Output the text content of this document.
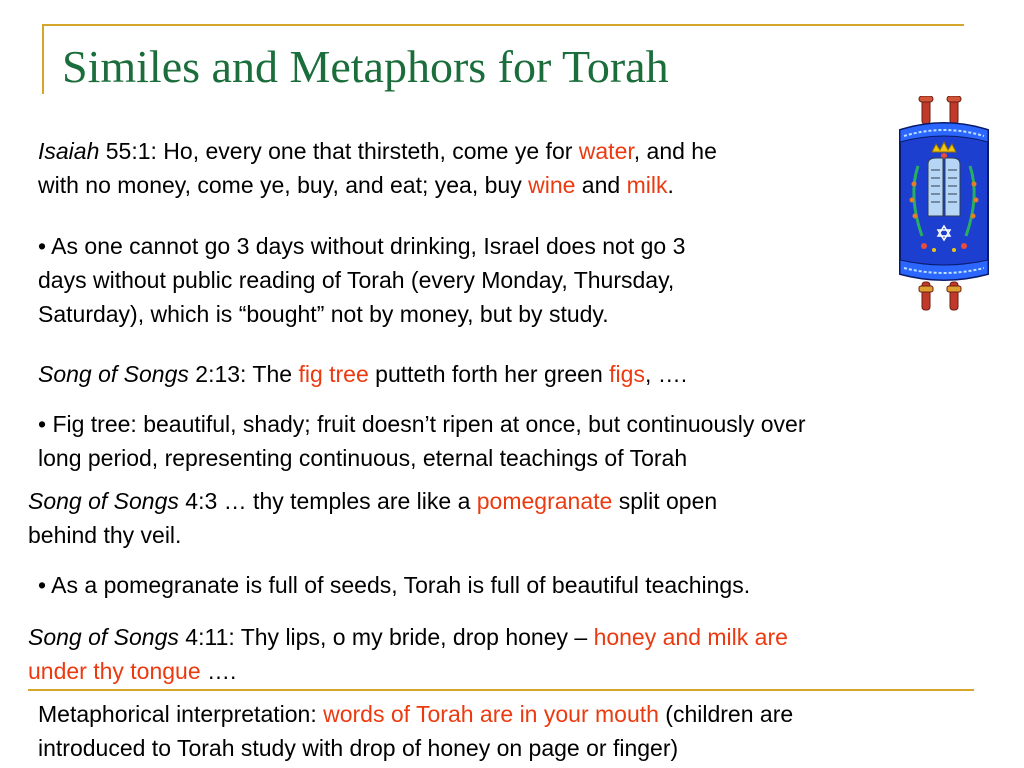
Similes and Metaphors for Torah
Isaiah 55:1: Ho, every one that thirsteth, come ye for water, and he
with no money, come ye, buy, and eat; yea, buy wine and milk.
• As one cannot go 3 days without drinking, Israel does not go 3
days without public reading of Torah (every Monday, Thursday,
Saturday), which is “bought” not by money, but by study.
Song of Songs 2:13: The fig tree putteth forth her green figs, ….
• Fig tree: beautiful, shady; fruit doesn’t ripen at once, but continuously over
long period, representing continuous, eternal teachings of Torah
Song of Songs 4:3 … thy temples are like a pomegranate split open
behind thy veil.
• As a pomegranate is full of seeds, Torah is full of beautiful teachings.
Song of Songs 4:11: Thy lips, o my bride, drop honey – honey and milk are
under thy tongue ….
Metaphorical interpretation: words of Torah are in your mouth (children are
introduced to Torah study with drop of honey on page or finger)
